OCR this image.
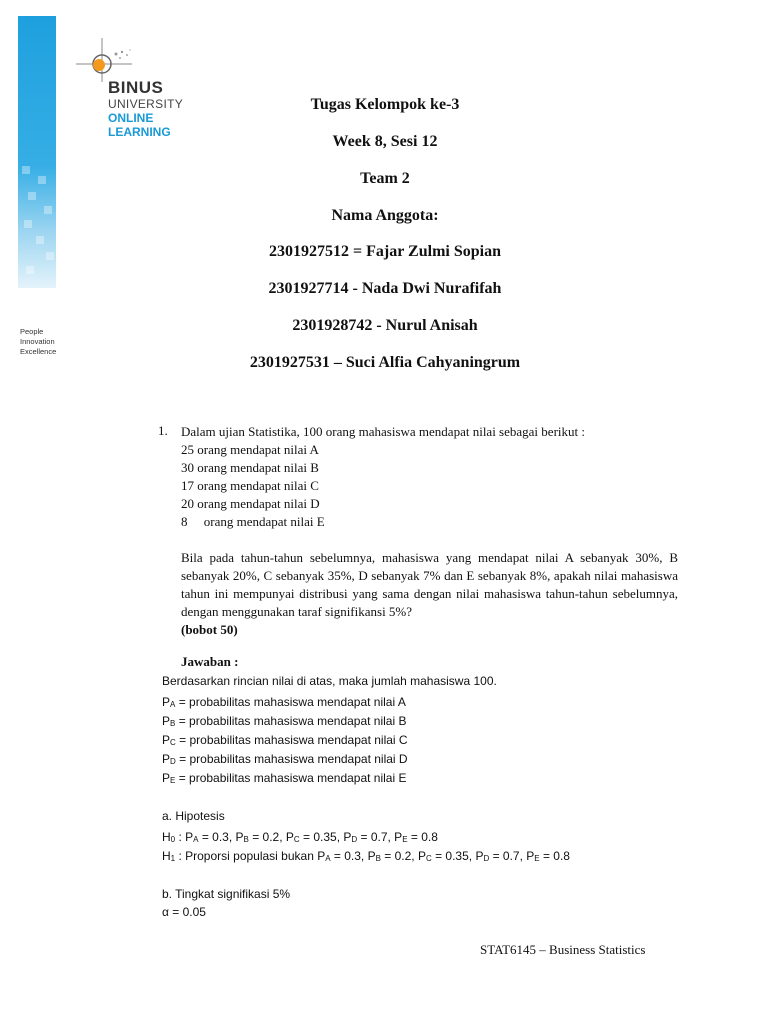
BINUS
UNIVERSITY
ONLINE
LEARNING
People
Innovation
Excellence
Tugas Kelompok ke-3
Week 8, Sesi 12
Team 2
Nama Anggota:
2301927512 = Fajar Zulmi Sopian
2301927714 - Nada Dwi Nurafifah
2301928742 - Nurul Anisah
2301927531 – Suci Alfia Cahyaningrum
1. Dalam ujian Statistika, 100 orang mahasiswa mendapat nilai sebagai berikut :
25 orang mendapat nilai A
30 orang mendapat nilai B
17 orang mendapat nilai C
20 orang mendapat nilai D
8     orang mendapat nilai E
Bila pada tahun-tahun sebelumnya, mahasiswa yang mendapat nilai A sebanyak 30%, B sebanyak 20%, C sebanyak 35%, D sebanyak 7% dan E sebanyak 8%, apakah nilai mahasiswa tahun ini mempunyai distribusi yang sama dengan nilai mahasiswa tahun-tahun sebelumnya, dengan menggunakan taraf signifikansi 5%?
(bobot 50)
Jawaban :
Berdasarkan rincian nilai di atas, maka jumlah mahasiswa 100.
$P_A$ = probabilitas mahasiswa mendapat nilai A
$P_B$ = probabilitas mahasiswa mendapat nilai B
$P_C$ = probabilitas mahasiswa mendapat nilai C
$P_D$ = probabilitas mahasiswa mendapat nilai D
$P_E$ = probabilitas mahasiswa mendapat nilai E
a. Hipotesis
$H_0$ : $P_A = 0.3$, $P_B = 0.2$, $P_C = 0.35$, $P_D = 0.7$, $P_E = 0.8$
$H_1$ : Proporsi populasi bukan $P_A = 0.3$, $P_B = 0.2$, $P_C = 0.35$, $P_D = 0.7$, $P_E = 0.8$
b. Tingkat signifikasi 5%
α = 0.05
STAT6145 – Business Statistics
